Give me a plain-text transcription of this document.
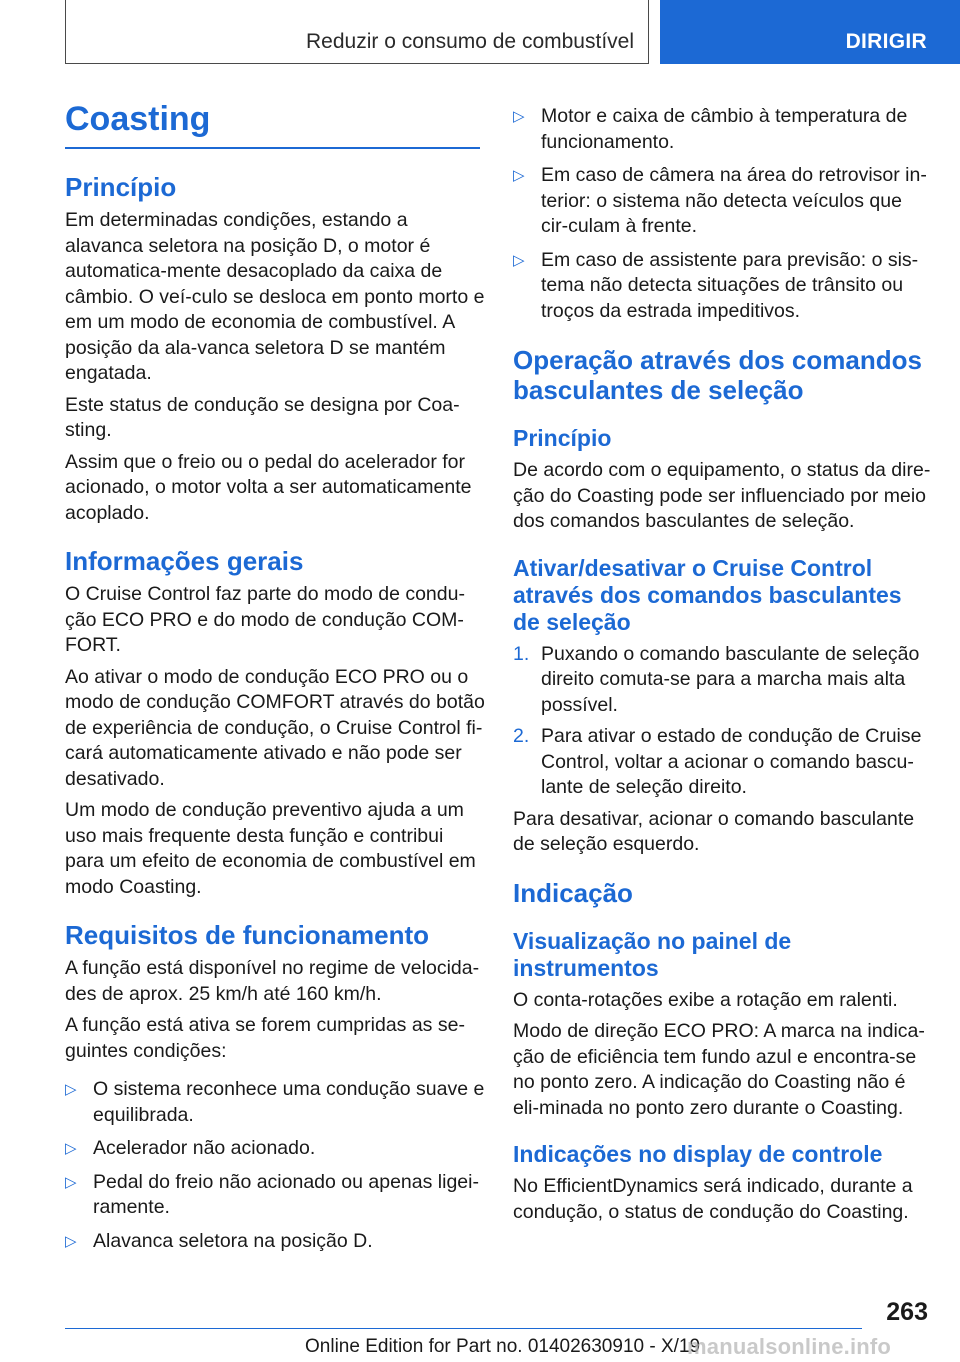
Reduzir o consumo de combustível	DIRIGIR
Coasting
Princípio

Em determinadas condições, estando a alavanca seletora na posição D, o motor é automatica-mente desacoplado da caixa de câmbio. O veí-culo se desloca em ponto morto e em um modo de economia de combustível. A posição da ala-vanca seletora D se mantém engatada.

Este status de condução se designa por Coa-sting.

Assim que o freio ou o pedal do acelerador for acionado, o motor volta a ser automaticamente acoplado.

Informações gerais

O Cruise Control faz parte do modo de condu-ção ECO PRO e do modo de condução COM-FORT.

Ao ativar o modo de condução ECO PRO ou o modo de condução COMFORT através do botão de experiência de condução, o Cruise Control fi-cará automaticamente ativado e não pode ser desativado.

Um modo de condução preventivo ajuda a um uso mais frequente desta função e contribui para um efeito de economia de combustível em modo Coasting.

Requisitos de funcionamento

A função está disponível no regime de velocida-des de aprox. 25 km/h até 160 km/h.

A função está ativa se forem cumpridas as se-guintes condições:

▷ O sistema reconhece uma condução suave e equilibrada.
▷ Acelerador não acionado.
▷ Pedal do freio não acionado ou apenas ligei-ramente.
▷ Alavanca seletora na posição D.
▷ Motor e caixa de câmbio à temperatura de funcionamento.
▷ Em caso de câmera na área do retrovisor in-terior: o sistema não detecta veículos que cir-culam à frente.
▷ Em caso de assistente para previsão: o sis-tema não detecta situações de trânsito ou troços da estrada impeditivos.
Operação através dos comandos basculantes de seleção
Princípio

De acordo com o equipamento, o status da dire-ção do Coasting pode ser influenciado por meio dos comandos basculantes de seleção.

Ativar/desativar o Cruise Control através dos comandos basculantes de seleção
1. Puxando o comando basculante de seleção direito comuta-se para a marcha mais alta possível.
2. Para ativar o estado de condução de Cruise Control, voltar a acionar o comando bascu-lante de seleção direito.

Para desativar, acionar o comando basculante de seleção esquerdo.

Indicação
Visualização no painel de instrumentos

O conta-rotações exibe a rotação em ralenti.

Modo de direção ECO PRO: A marca na indica-ção de eficiência tem fundo azul e encontra-se no ponto zero. A indicação do Coasting não é eli-minada no ponto zero durante o Coasting.

Indicações no display de controle

No EfficientDynamics será indicado, durante a condução, o status de condução do Coasting.

263
Online Edition for Part no. 01402630910 - X/19
manualsonline.info
